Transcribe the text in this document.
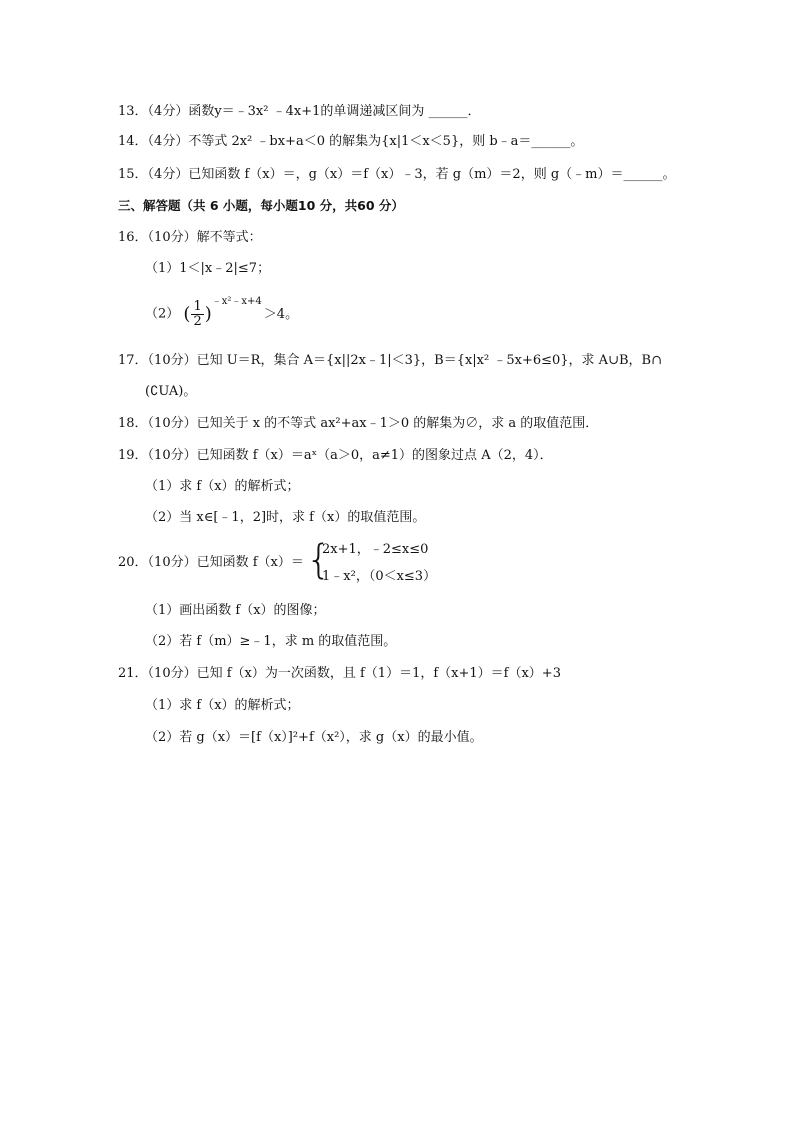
13．（4分）函数y＝﹣3x² ﹣4x+1的单调递减区间为 ______．
14．（4分）不等式 2x² ﹣bx+a＜0 的解集为{x|1＜x＜5}，则 b﹣a＝______。
15．（4分）已知函数 f（x）＝，g（x）＝f（x）﹣3，若 g（m）＝2，则 g（﹣m）＝______。
三、解答题（共 6 小题，每小题10 分，共60 分）
16．（10分）解不等式：
（1）1＜|x﹣2|≤7；
（2） ( $\frac{1}{2} )^{﹣x^2﹣x+4}>4$。
17．（10分）已知 U＝R，集合 A＝{x||2x﹣1|＜3}，B＝{x|x² ﹣5x+6≤0}，求 A∪B，B∩
(∁UA)。
18．（10分）已知关于 x 的不等式 ax²+ax﹣1＞0 的解集为∅，求 a 的取值范围．
19．（10分）已知函数 f（x）＝aˣ（a＞0，a≠1）的图象过点 A（2，4）．
（1）求 f（x）的解析式；
（2）当 x∈[﹣1，2]时，求 f（x）的取值范围。
20．（10分）已知函数 f（x）＝ {
2x+1，﹣2≤x≤0
1﹣x²，（0＜x≤3）
（1）画出函数 f（x）的图像；
（2）若 f（m）≥﹣1，求 m 的取值范围。
21．（10分）已知 f（x）为一次函数，且 f（1）＝1，f（x+1）＝f（x）+3
（1）求 f（x）的解析式；
（2）若 g（x）＝[f（x）]²+f（x²），求 g（x）的最小值。
